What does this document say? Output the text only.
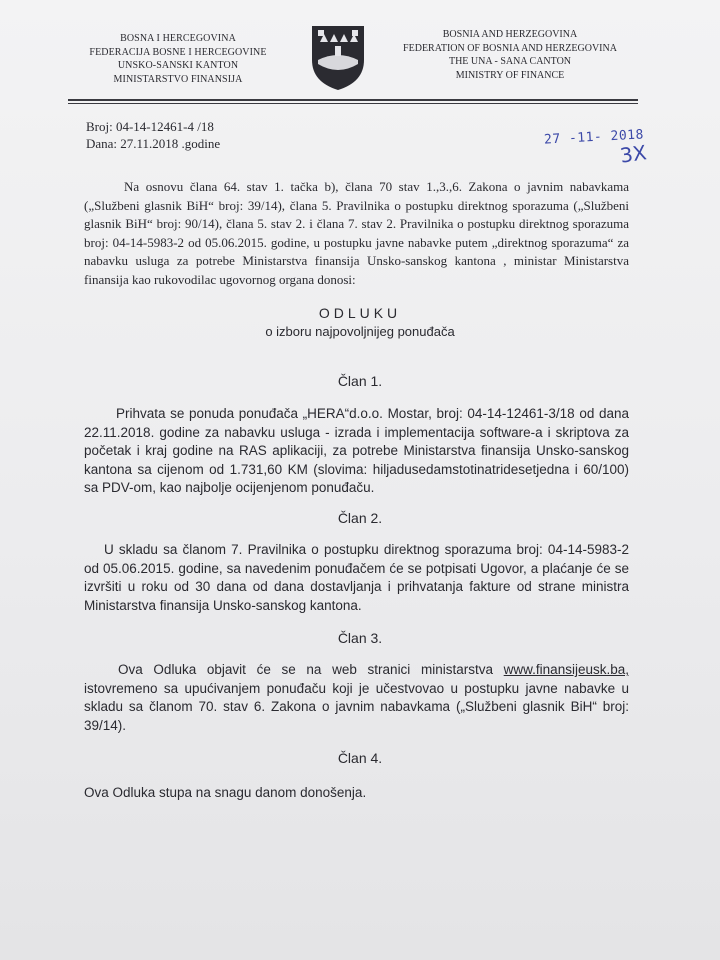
BOSNA I HERCEGOVINA
FEDERACIJA BOSNE I HERCEGOVINE
UNSKO-SANSKI KANTON
MINISTARSTVO FINANSIJA
BOSNIA AND HERZEGOVINA
FEDERATION OF BOSNIA AND HERZEGOVINA
THE UNA - SANA CANTON
MINISTRY OF FINANCE
Broj: 04-14-12461-4 /18
Dana: 27.11.2018 .godine	27 -11- 2018
3X
Na osnovu člana 64. stav 1. tačka b), člana 70 stav 1.,3.,6. Zakona o javnim nabavkama („Službeni glasnik BiH“ broj: 39/14), člana 5. Pravilnika o postupku direktnog sporazuma („Službeni glasnik BiH“ broj: 90/14), člana 5. stav 2. i člana 7. stav 2. Pravilnika o postupku direktnog sporazuma broj: 04-14-5983-2 od 05.06.2015. godine, u postupku javne nabavke putem „direktnog sporazuma“ za nabavku usluga za potrebe Ministarstva finansija Unsko-sanskog kantona , ministar Ministarstva finansija kao rukovodilac ugovornog organa donosi:
ODLUKU
o izboru najpovoljnijeg ponuđača
Član 1.
Prihvata se ponuda ponuđača „HERA“d.o.o. Mostar, broj: 04-14-12461-3/18 od dana 22.11.2018. godine za nabavku usluga - izrada i implementacija software-a i skriptova za početak i kraj godine na RAS aplikaciji, za potrebe Ministarstva finansija Unsko-sanskog kantona sa cijenom od 1.731,60 KM (slovima: hiljadusedamstotinatridesetjedna i 60/100) sa PDV-om, kao najbolje ocijenjenom ponuđaču.
Član 2.
U skladu sa članom 7. Pravilnika o postupku direktnog sporazuma broj: 04-14-5983-2 od 05.06.2015. godine, sa navedenim ponuđačem će se potpisati Ugovor, a plaćanje će se izvršiti u roku od 30 dana od dana dostavljanja i prihvatanja fakture od strane ministra Ministarstva finansija Unsko-sanskog kantona.
Član 3.
Ova Odluka objavit će se na web stranici ministarstva www.finansijeusk.ba, istovremeno sa upućivanjem ponuđaču koji je učestvovao u postupku javne nabavke u skladu sa članom 70. stav 6. Zakona o javnim nabavkama („Službeni glasnik BiH“ broj: 39/14).
Član 4.
Ova Odluka stupa na snagu danom donošenja.
